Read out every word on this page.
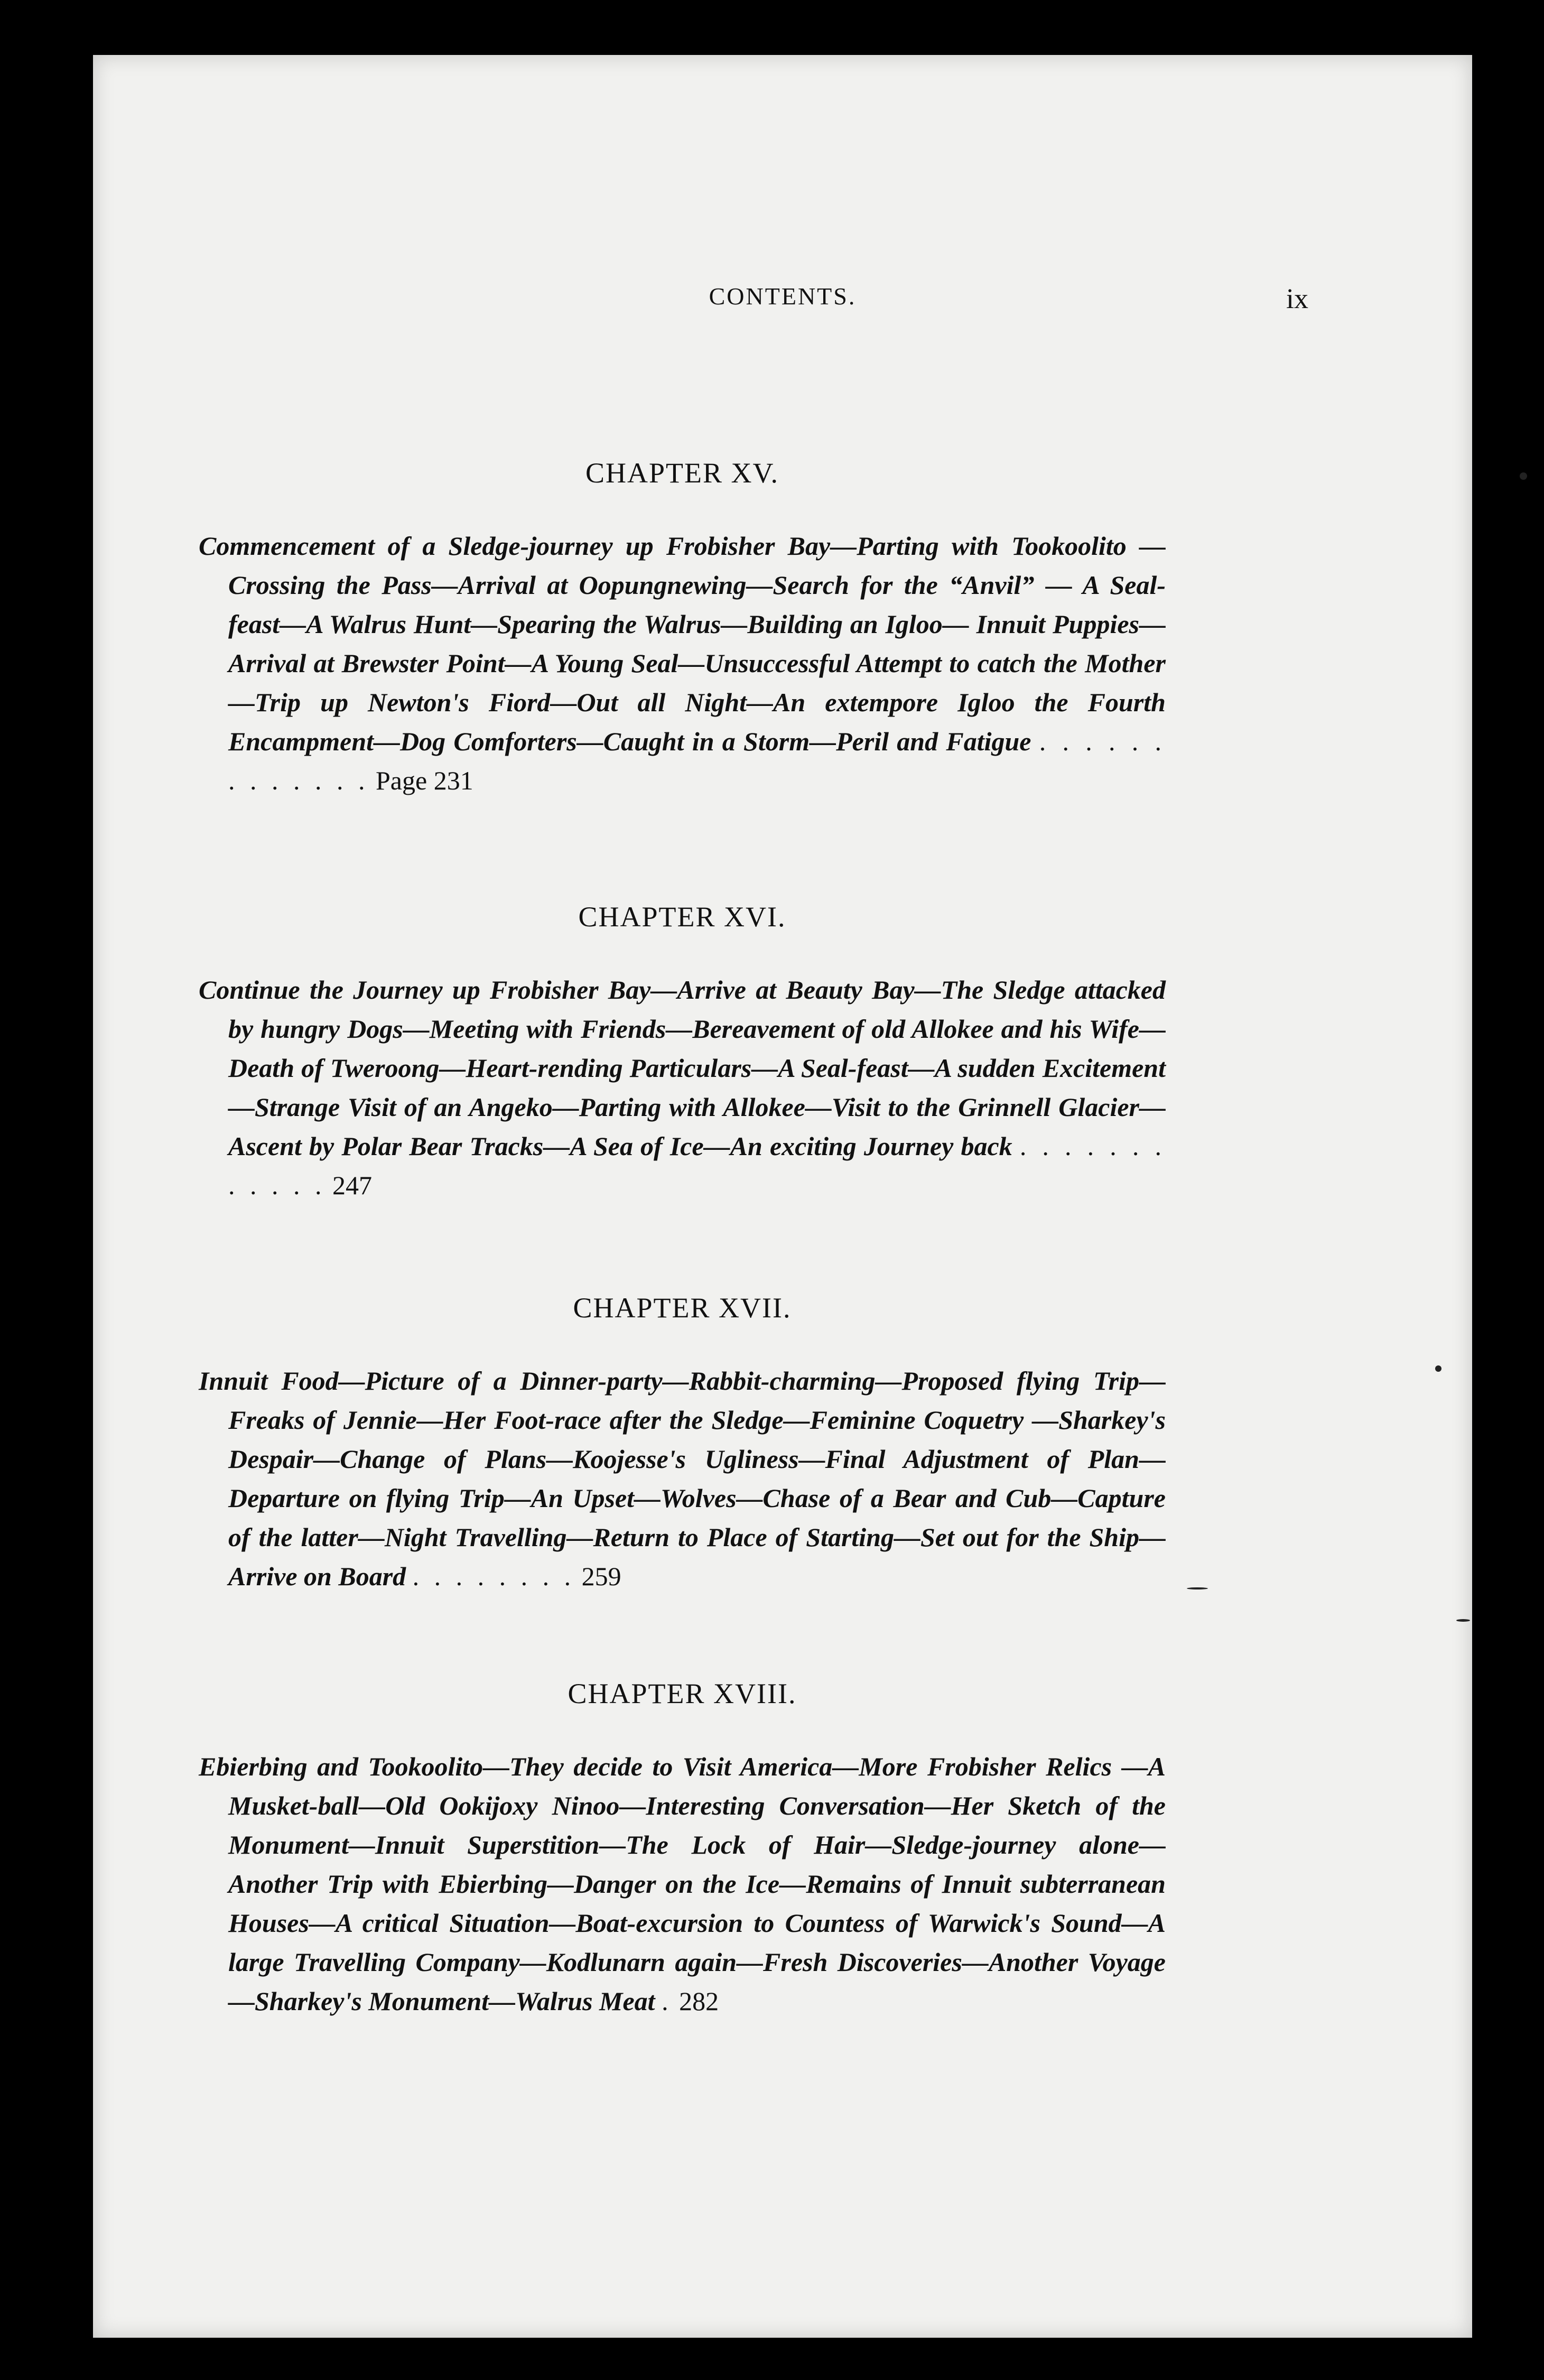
CONTENTS.	ix
CHAPTER XV.
Commencement of a Sledge-journey up Frobisher Bay—Parting with Tookoolito —Crossing the Pass—Arrival at Oopungnewing—Search for the “Anvil” — A Seal-feast—A Walrus Hunt—Spearing the Walrus—Building an Igloo— Innuit Puppies—Arrival at Brewster Point—A Young Seal—Unsuccessful Attempt to catch the Mother—Trip up Newton's Fiord—Out all Night—An extempore Igloo the Fourth Encampment—Dog Comforters—Caught in a Storm—Peril and Fatigue . . . . . . . . . . . . . Page 231
CHAPTER XVI.
Continue the Journey up Frobisher Bay—Arrive at Beauty Bay—The Sledge attacked by hungry Dogs—Meeting with Friends—Bereavement of old Allokee and his Wife—Death of Tweroong—Heart-rending Particulars—A Seal-feast—A sudden Excitement—Strange Visit of an Angeko—Parting with Allokee—Visit to the Grinnell Glacier—Ascent by Polar Bear Tracks—A Sea of Ice—An exciting Journey back . . . . . . . . . . . . 247
CHAPTER XVII.
Innuit Food—Picture of a Dinner-party—Rabbit-charming—Proposed flying Trip—Freaks of Jennie—Her Foot-race after the Sledge—Feminine Coquetry —Sharkey's Despair—Change of Plans—Koojesse's Ugliness—Final Adjustment of Plan—Departure on flying Trip—An Upset—Wolves—Chase of a Bear and Cub—Capture of the latter—Night Travelling—Return to Place of Starting—Set out for the Ship—Arrive on Board . . . . . . . . 259
CHAPTER XVIII.
Ebierbing and Tookoolito—They decide to Visit America—More Frobisher Relics —A Musket-ball—Old Ookijoxy Ninoo—Interesting Conversation—Her Sketch of the Monument—Innuit Superstition—The Lock of Hair—Sledge-journey alone—Another Trip with Ebierbing—Danger on the Ice—Remains of Innuit subterranean Houses—A critical Situation—Boat-excursion to Countess of Warwick's Sound—A large Travelling Company—Kodlunarn again—Fresh Discoveries—Another Voyage—Sharkey's Monument—Walrus Meat . 282
